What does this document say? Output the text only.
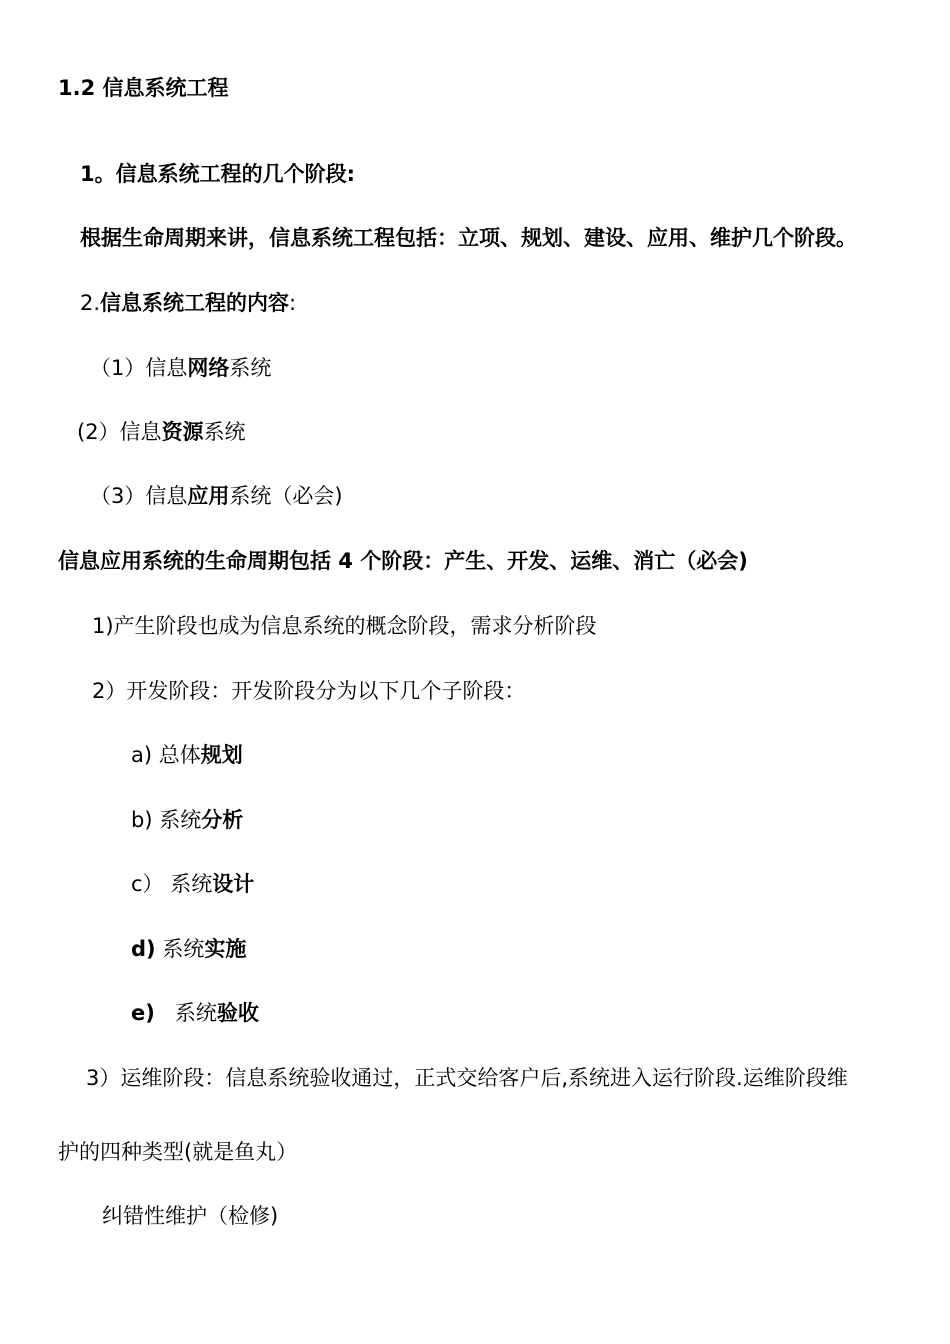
1.2 信息系统工程
1。信息系统工程的几个阶段:
根据生命周期来讲，信息系统工程包括：立项、规划、建设、应用、维护几个阶段。
2.信息系统工程的内容:
（1）信息网络系统
(2）信息资源系统
（3）信息应用系统（必会)
信息应用系统的生命周期包括 4 个阶段：产生、开发、运维、消亡（必会)
1)产生阶段也成为信息系统的概念阶段，需求分析阶段
2）开发阶段：开发阶段分为以下几个子阶段：
a) 总体规划
b) 系统分析
c） 系统设计
d) 系统实施
e)   系统验收
3）运维阶段：信息系统验收通过，正式交给客户后,系统进入运行阶段.运维阶段维
护的四种类型(就是鱼丸）
纠错性维护（检修)
